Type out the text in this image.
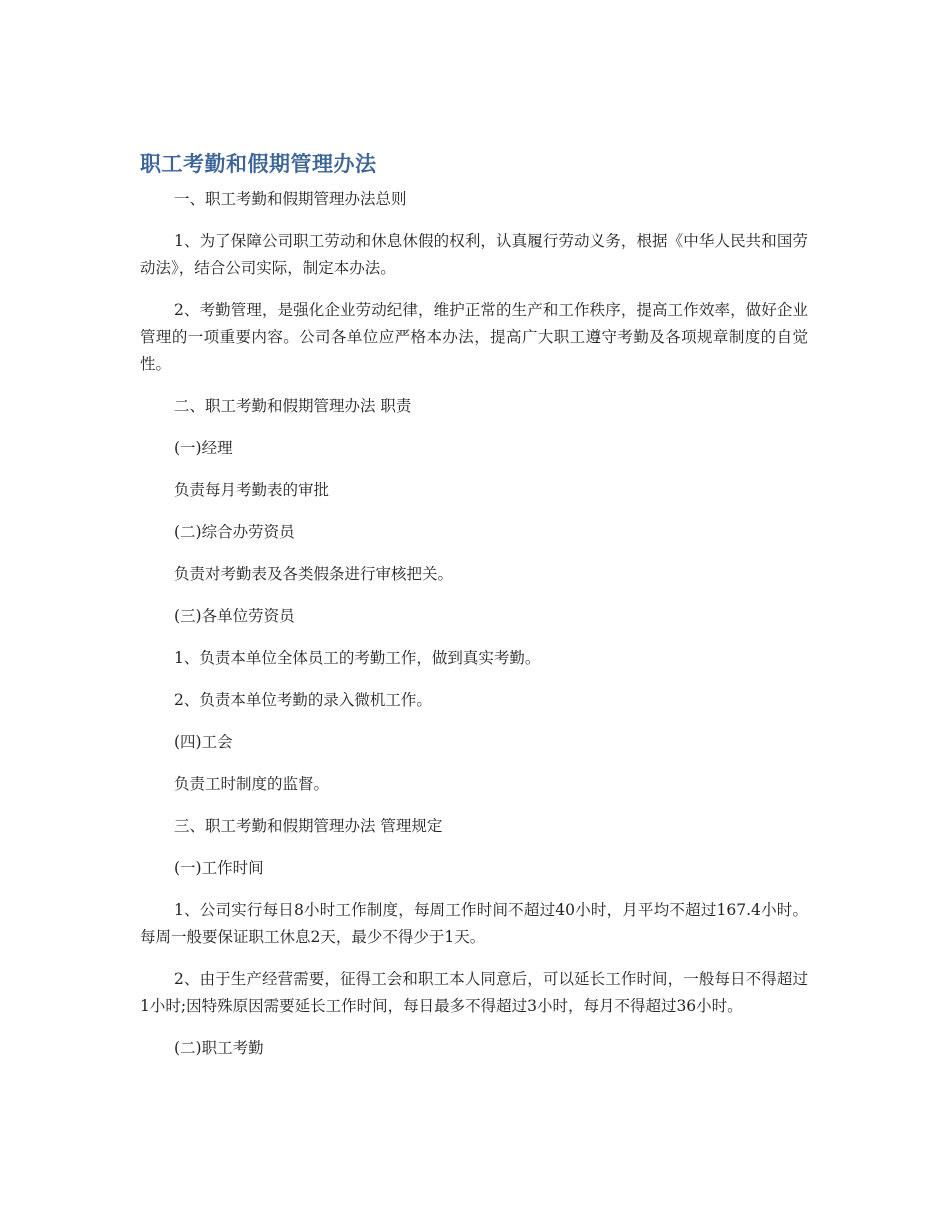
职工考勤和假期管理办法

一、职工考勤和假期管理办法总则

1、为了保障公司职工劳动和休息休假的权利，认真履行劳动义务，根据《中华人民共和国劳动法》，结合公司实际，制定本办法。

2、考勤管理，是强化企业劳动纪律，维护正常的生产和工作秩序，提高工作效率，做好企业管理的一项重要内容。公司各单位应严格本办法，提高广大职工遵守考勤及各项规章制度的自觉性。

二、职工考勤和假期管理办法 职责

(一)经理

负责每月考勤表的审批

(二)综合办劳资员

负责对考勤表及各类假条进行审核把关。

(三)各单位劳资员

1、负责本单位全体员工的考勤工作，做到真实考勤。

2、负责本单位考勤的录入微机工作。

(四)工会

负责工时制度的监督。

三、职工考勤和假期管理办法 管理规定

(一)工作时间

1、公司实行每日8小时工作制度，每周工作时间不超过40小时，月平均不超过167.4小时。每周一般要保证职工休息2天，最少不得少于1天。

2、由于生产经营需要，征得工会和职工本人同意后，可以延长工作时间，一般每日不得超过1小时;因特殊原因需要延长工作时间，每日最多不得超过3小时，每月不得超过36小时。

(二)职工考勤
